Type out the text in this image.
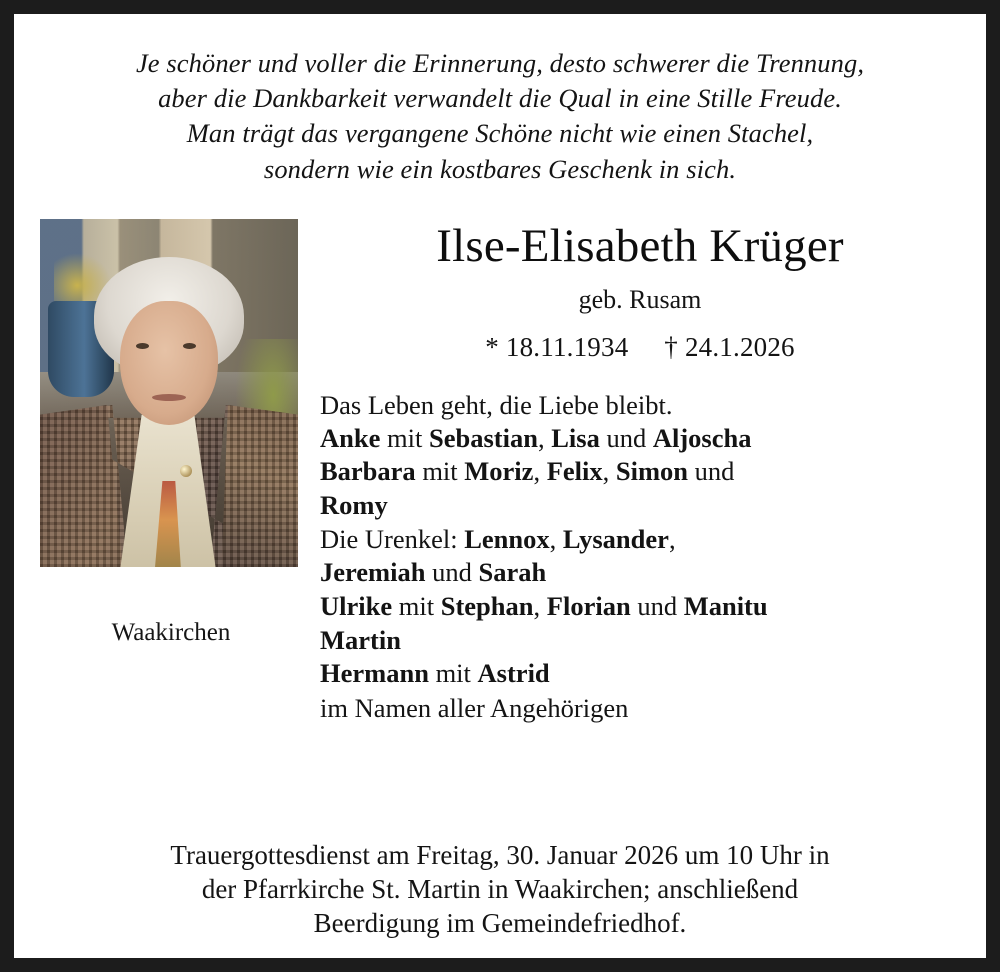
Je schöner und voller die Erinnerung, desto schwerer die Trennung,
aber die Dankbarkeit verwandelt die Qual in eine Stille Freude.
Man trägt das vergangene Schöne nicht wie einen Stachel,
sondern wie ein kostbares Geschenk in sich.
Waakirchen
Ilse-Elisabeth Krüger
geb. Rusam
* 18.11.1934 † 24.1.2026
Das Leben geht, die Liebe bleibt.
Anke mit Sebastian, Lisa und Aljoscha
Barbara mit Moriz, Felix, Simon und
Romy
Die Urenkel: Lennox, Lysander,
Jeremiah und Sarah
Ulrike mit Stephan, Florian und Manitu
Martin
Hermann mit Astrid
im Namen aller Angehörigen
Trauergottesdienst am Freitag, 30. Januar 2026 um 10 Uhr in
der Pfarrkirche St. Martin in Waakirchen; anschließend
Beerdigung im Gemeindefriedhof.
